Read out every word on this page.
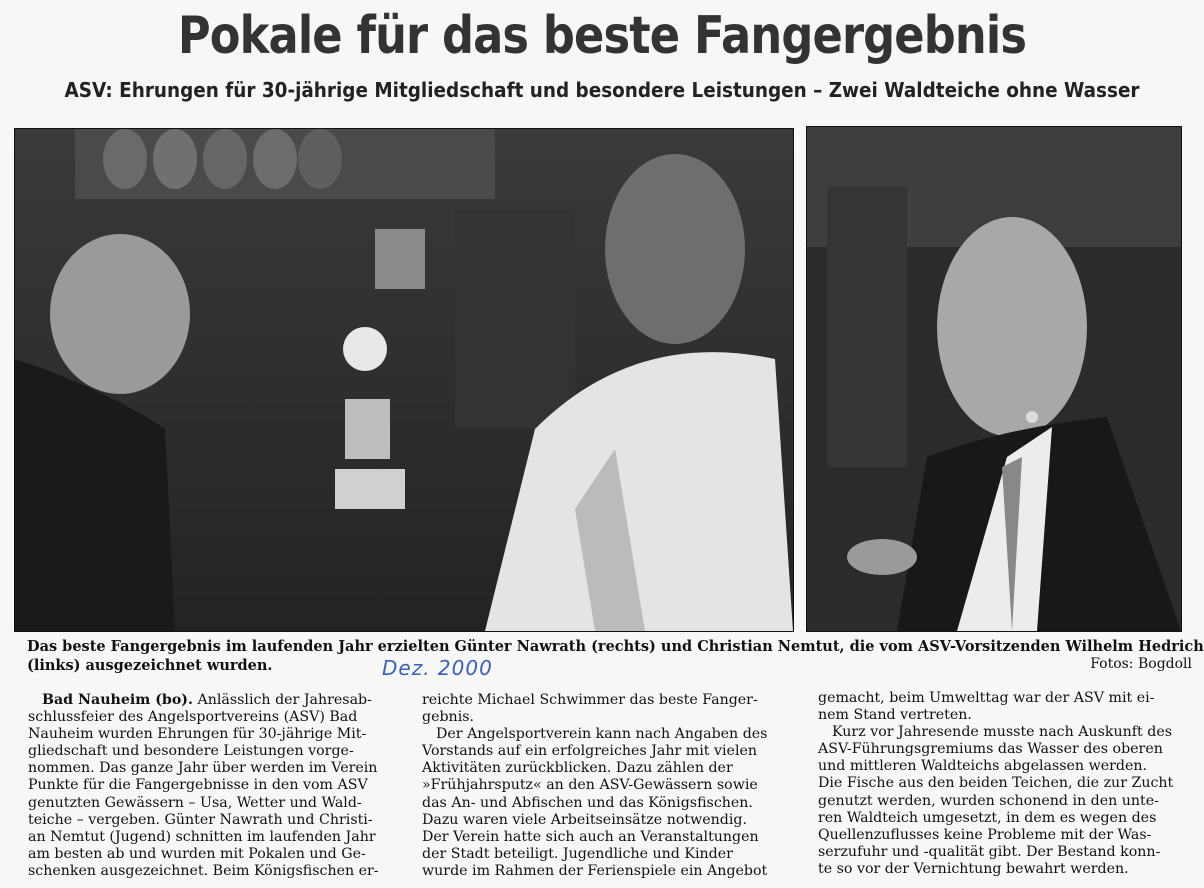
Pokale für das beste Fangergebnis
ASV: Ehrungen für 30-jährige Mitgliedschaft und besondere Leistungen – Zwei Waldteiche ohne Wasser
Das beste Fangergebnis im laufenden Jahr erzielten Günter Nawrath (rechts) und Christian Nemtut, die vom ASV-Vorsitzenden Wilhelm Hedrich
(links) ausgezeichnet wurden.	Dez. 2000	Fotos: Bogdoll
Bad Nauheim (bo). Anlässlich der Jahresab-
schlussfeier des Angelsportvereins (ASV) Bad
Nauheim wurden Ehrungen für 30-jährige Mit-
gliedschaft und besondere Leistungen vorge-
nommen. Das ganze Jahr über werden im Verein
Punkte für die Fangergebnisse in den vom ASV
genutzten Gewässern – Usa, Wetter und Wald-
teiche – vergeben. Günter Nawrath und Christi-
an Nemtut (Jugend) schnitten im laufenden Jahr
am besten ab und wurden mit Pokalen und Ge-
schenken ausgezeichnet. Beim Königsfischen er-
reichte Michael Schwimmer das beste Fanger-
gebnis.
Der Angelsportverein kann nach Angaben des
Vorstands auf ein erfolgreiches Jahr mit vielen
Aktivitäten zurückblicken. Dazu zählen der
»Frühjahrsputz« an den ASV-Gewässern sowie
das An- und Abfischen und das Königsfischen.
Dazu waren viele Arbeitseinsätze notwendig.
Der Verein hatte sich auch an Veranstaltungen
der Stadt beteiligt. Jugendliche und Kinder
wurde im Rahmen der Ferienspiele ein Angebot
gemacht, beim Umwelttag war der ASV mit ei-
nem Stand vertreten.
Kurz vor Jahresende musste nach Auskunft des
ASV-Führungsgremiums das Wasser des oberen
und mittleren Waldteichs abgelassen werden.
Die Fische aus den beiden Teichen, die zur Zucht
genutzt werden, wurden schonend in den unte-
ren Waldteich umgesetzt, in dem es wegen des
Quellenzuflusses keine Probleme mit der Was-
serzufuhr und -qualität gibt. Der Bestand konn-
te so vor der Vernichtung bewahrt werden.
